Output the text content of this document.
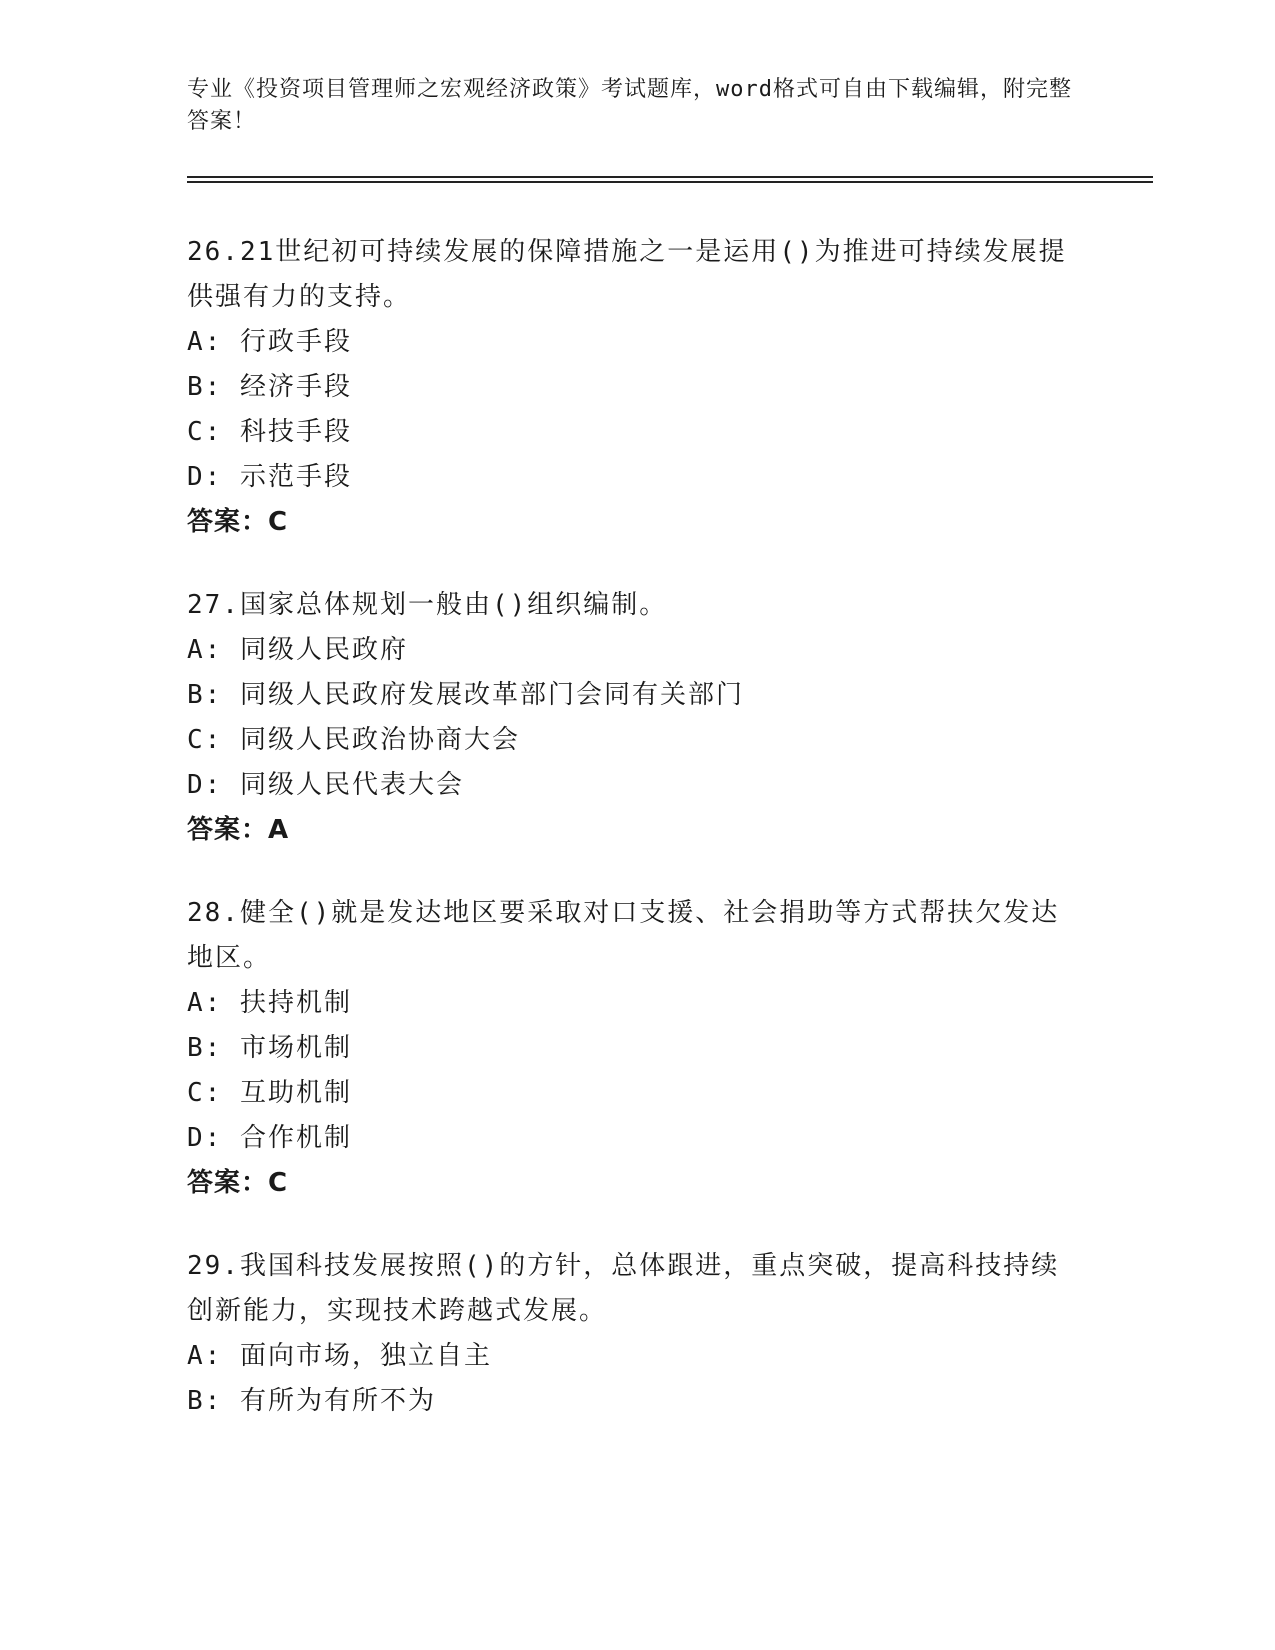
专业《投资项目管理师之宏观经济政策》考试题库，word格式可自由下载编辑，附完整答案！

26.21世纪初可持续发展的保障措施之一是运用()为推进可持续发展提供强有力的支持。

A: 行政手段

B: 经济手段

C: 科技手段

D: 示范手段

答案：C

27.国家总体规划一般由()组织编制。

A: 同级人民政府

B: 同级人民政府发展改革部门会同有关部门

C: 同级人民政治协商大会

D: 同级人民代表大会

答案：A

28.健全()就是发达地区要采取对口支援、社会捐助等方式帮扶欠发达地区。

A: 扶持机制

B: 市场机制

C: 互助机制

D: 合作机制

答案：C

29.我国科技发展按照()的方针，总体跟进，重点突破，提高科技持续创新能力，实现技术跨越式发展。

A: 面向市场，独立自主

B: 有所为有所不为
